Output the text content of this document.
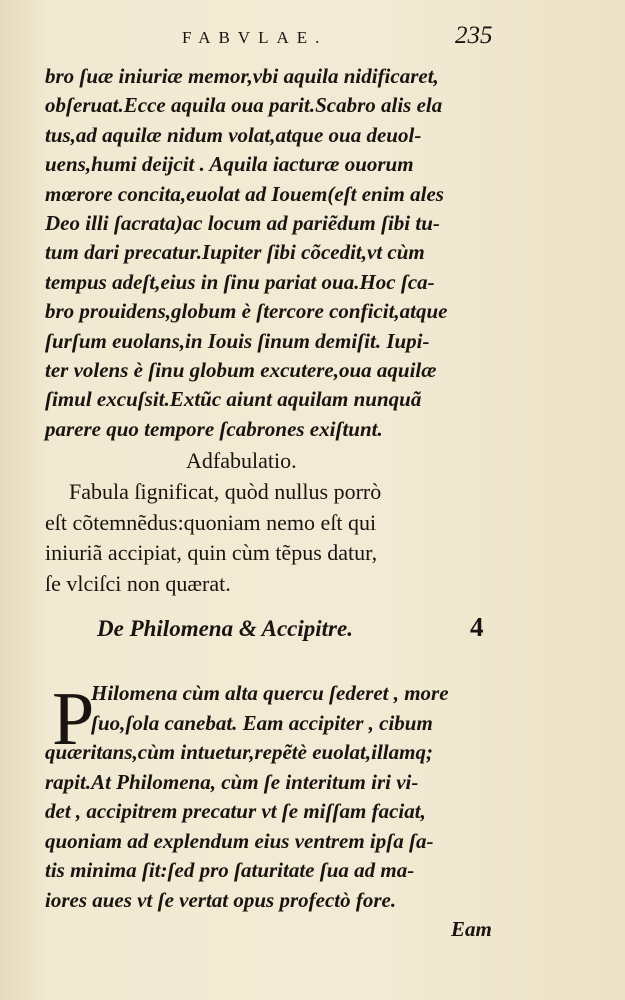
FABVLAE.	235
bro ſuæ iniuriæ memor,vbi aquila nidificaret,
obſeruat.Ecce aquila oua parit.Scabro alis ela
tus,ad aquilæ nidum volat,atque oua deuol-
uens,humi deijcit . Aquila iacturæ ouorum
mœrore concita,euolat ad Iouem(eſt enim ales
Deo illi ſacrata)ac locum ad pariẽdum ſibi tu-
tum dari precatur.Iupiter ſibi cõcedit,vt cùm
tempus adeſt,eius in ſinu pariat oua.Hoc ſca-
bro prouidens,globum è ſtercore conficit,atque
ſurſum euolans,in Iouis ſinum demiſit. Iupi-
ter volens è ſinu globum excutere,oua aquilæ
ſimul excuſsit.Extũc aiunt aquilam nunquã
parere quo tempore ſcabrones exiſtunt.
Adfabulatio.
Fabula ſignificat, quòd nullus porrò
eſt cõtemnẽdus:quoniam nemo eſt qui
iniuriã accipiat, quin cùm tẽpus datur,
ſe vlciſci non quærat.
De Philomena & Accipitre.	4
P
Hilomena cùm alta quercu ſederet , more
ſuo,ſola canebat. Eam accipiter , cibum
quæritans,cùm intuetur,repẽtè euolat,illamq;
rapit.At Philomena, cùm ſe interitum iri vi-
det , accipitrem precatur vt ſe miſſam faciat,
quoniam ad explendum eius ventrem ipſa ſa-
tis minima ſit:ſed pro ſaturitate ſua ad ma-
iores aues vt ſe vertat opus profectò fore.
Eam
